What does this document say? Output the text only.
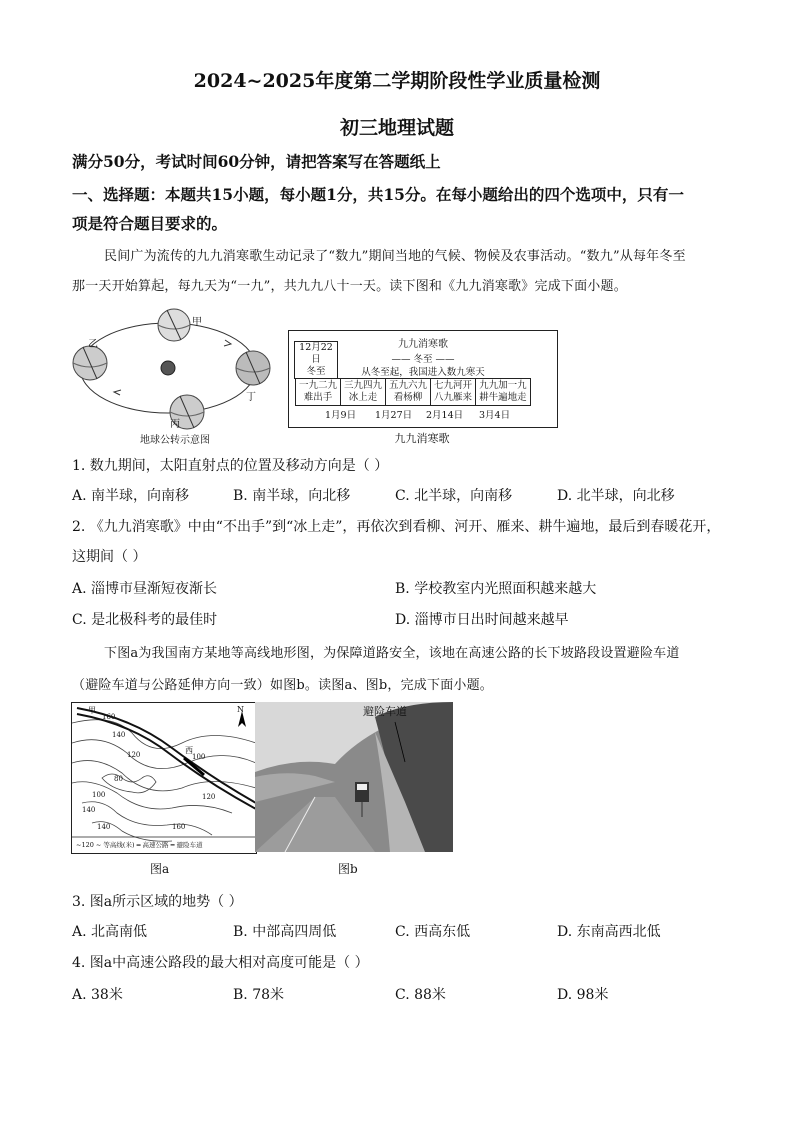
2024~2025年度第二学期阶段性学业质量检测
初三地理试题
满分50分，考试时间60分钟，请把答案写在答题纸上
一、选择题：本题共15小题，每小题1分，共15分。在每小题给出的四个选项中，只有一
项是符合题目要求的。
民间广为流传的九九消寒歌生动记录了“数九”期间当地的气候、物候及农事活动。“数九”从每年冬至
那一天开始算起，每九天为“一九”，共九九八十一天。读下图和《九九消寒歌》完成下面小题。
甲
乙
丙
丁
地球公转示意图
12月22日
冬至
九九消寒歌
—— 冬至 ——
从冬至起，我国进入数九寒天
一九二九
难出手

三九四九
冰上走

五九六九
看杨柳

七九河开
八九雁来

九九加一九
耕牛遍地走
1月9日 1月27日 2月14日 3月4日
九九消寒歌
1. 数九期间，太阳直射点的位置及移动方向是（ ）
A. 南半球，向南移	B. 南半球，向北移	C. 北半球，向南移	D. 北半球，向北移
2. 《九九消寒歌》中由“不出手”到“冰上走”，再依次到看柳、河开、雁来、耕牛遍地，最后到春暖花开，
这期间（ ）
A. 淄博市昼渐短夜渐长	B. 学校教室内光照面积越来越大
C. 是北极科考的最佳时	D. 淄博市日出时间越来越早
下图a为我国南方某地等高线地形图，为保障道路安全，该地在高速公路的长下坡路段设置避险车道
（避险车道与公路延伸方向一致）如图b。读图a、图b，完成下面小题。
N
甲
西
160
140
120	100
80
100	120
140
160
140
~120 ~ 等高线(米) ═ 高速公路 ━ 避险车道
图a
避险车道
图b
3. 图a所示区域的地势（ ）
A. 北高南低	B. 中部高四周低	C. 西高东低	D. 东南高西北低
4. 图a中高速公路段的最大相对高度可能是（ ）
A. 38米	B. 78米	C. 88米	D. 98米
